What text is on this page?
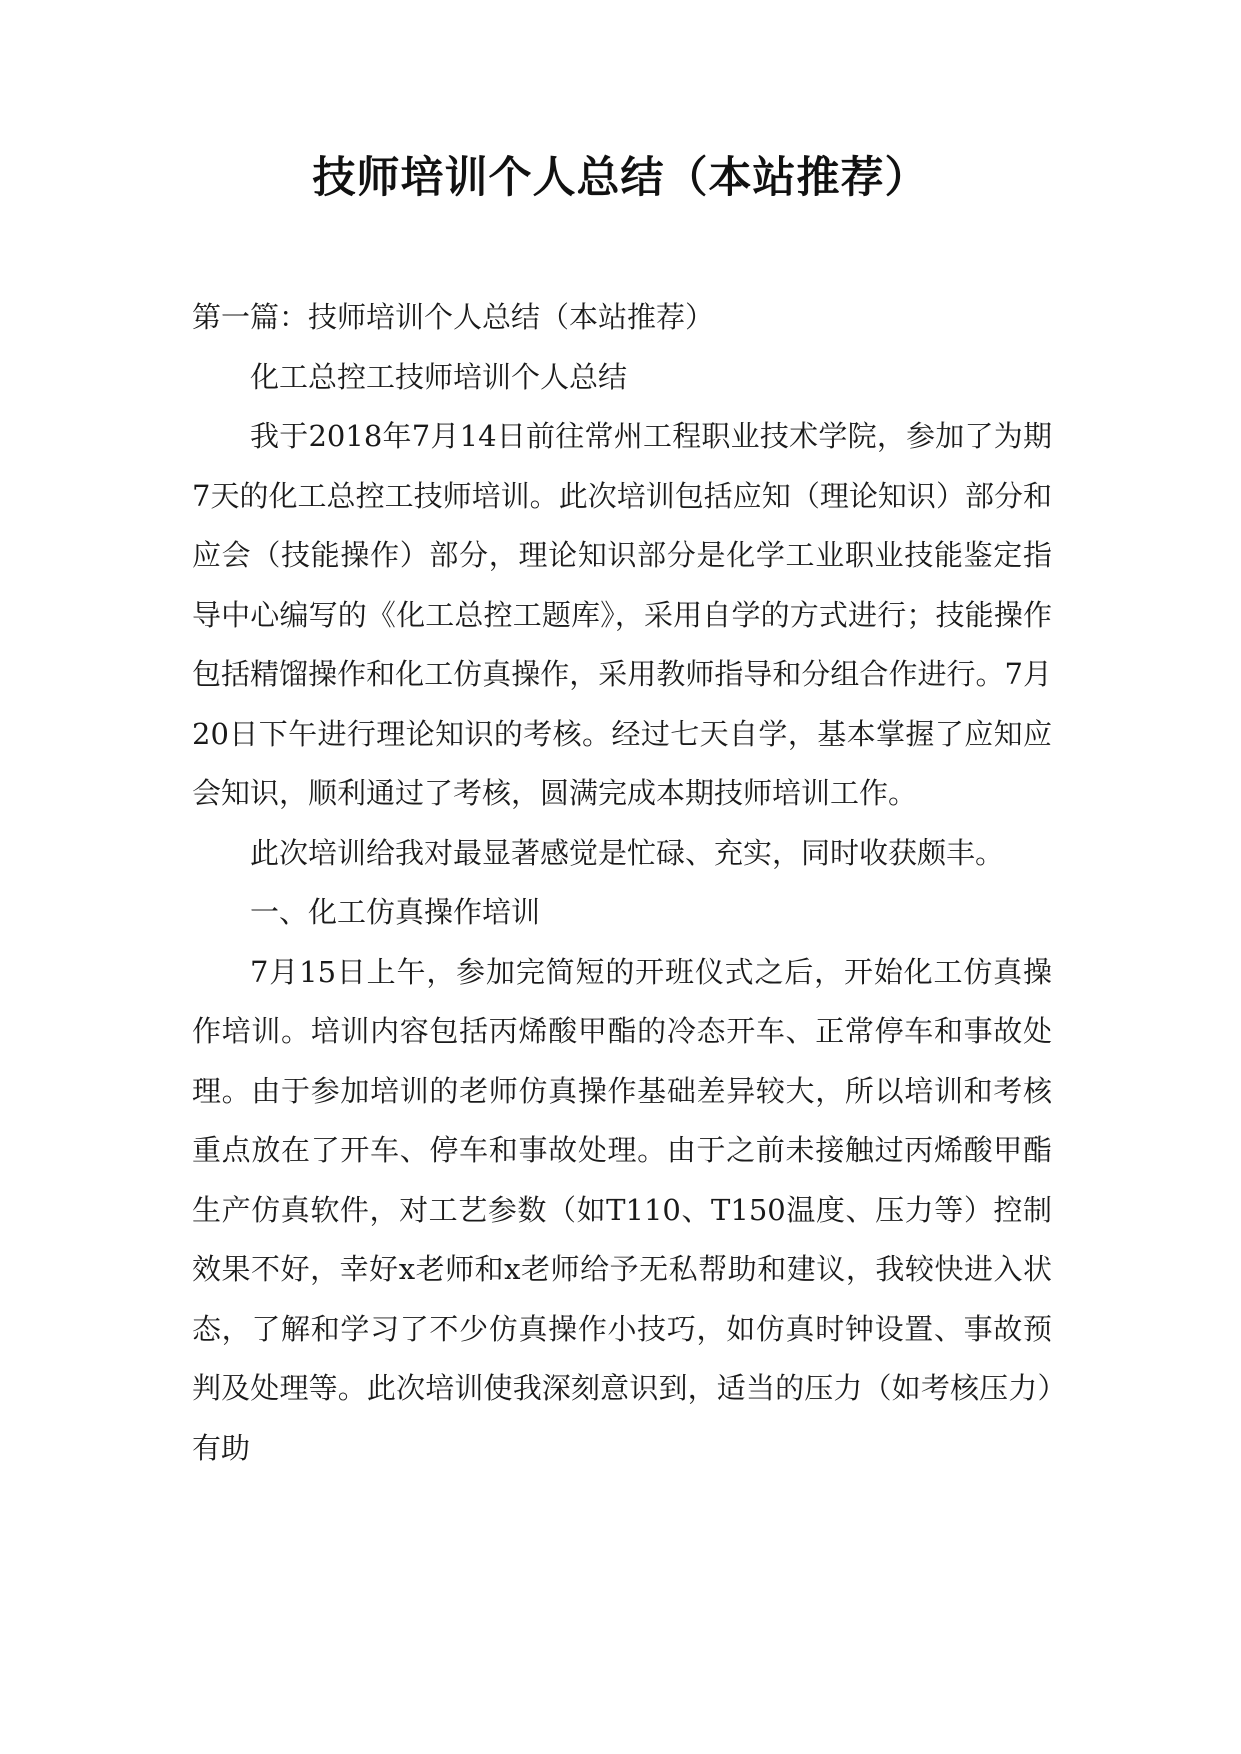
技师培训个人总结（本站推荐）

第一篇：技师培训个人总结（本站推荐）

化工总控工技师培训个人总结

我于2018年7月14日前往常州工程职业技术学院，参加了为期7天的化工总控工技师培训。此次培训包括应知（理论知识）部分和应会（技能操作）部分，理论知识部分是化学工业职业技能鉴定指导中心编写的《化工总控工题库》，采用自学的方式进行；技能操作包括精馏操作和化工仿真操作，采用教师指导和分组合作进行。7月20日下午进行理论知识的考核。经过七天自学，基本掌握了应知应会知识，顺利通过了考核，圆满完成本期技师培训工作。

此次培训给我对最显著感觉是忙碌、充实，同时收获颇丰。

一、化工仿真操作培训

7月15日上午，参加完简短的开班仪式之后，开始化工仿真操作培训。培训内容包括丙烯酸甲酯的冷态开车、正常停车和事故处理。由于参加培训的老师仿真操作基础差异较大，所以培训和考核重点放在了开车、停车和事故处理。由于之前未接触过丙烯酸甲酯生产仿真软件，对工艺参数（如T110、T150温度、压力等）控制效果不好，幸好x老师和x老师给予无私帮助和建议，我较快进入状态，了解和学习了不少仿真操作小技巧，如仿真时钟设置、事故预判及处理等。此次培训使我深刻意识到，适当的压力（如考核压力）有助
